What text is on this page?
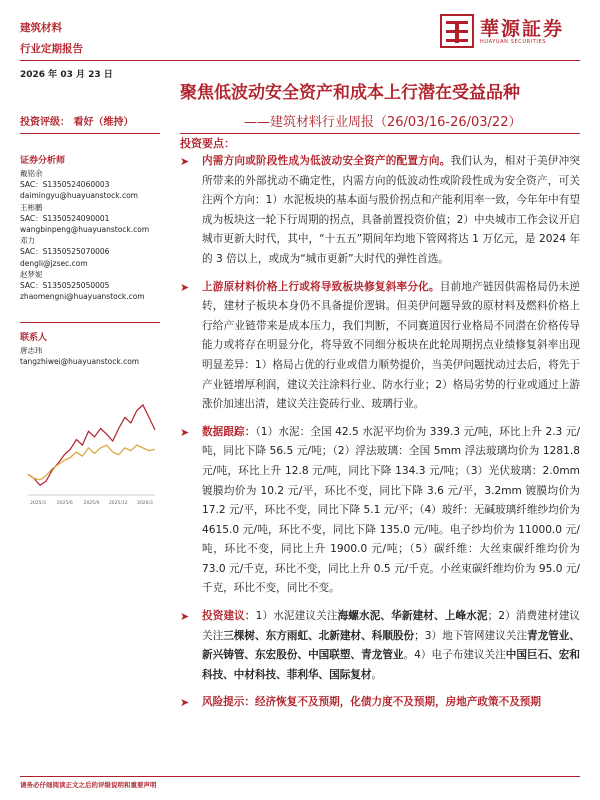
建筑材料
行业定期报告
華源証券
HUAYUAN SECURITIES
2026 年 03 月 23 日
聚焦低波动安全资产和成本上行潜在受益品种
——建筑材料行业周报（26/03/16-26/03/22）
投资评级： 看好（维持）
投资要点：
证券分析师
戴铭余
SAC：S1350524060003
daimingyu@huayuanstock.com
王彬鹏
SAC：S1350524090001
wangbinpeng@huayuanstock.com
邓力
SAC：S1350525070006
dengli@jzsec.com
赵梦妮
SAC：S1350525050005
zhaomengni@huayuanstock.com
联系人
唐志玮
tangzhiwei@huayuanstock.com
2025/3 2025/6 2025/9 2025/12 2026/3
➤ 内需方向或阶段性成为低波动安全资产的配置方向。我们认为，相对于美伊冲突所带来的外部扰动不确定性，内需方向的低波动性或阶段性成为安全资产，可关注两个方向：1）水泥板块的基本面与股价拐点和产能利用率一致，今年年中有望成为板块这一轮下行周期的拐点，具备前置投资价值；2）中央城市工作会议开启城市更新大时代，其中，“十五五”期间年均地下管网将达 1 万亿元，是 2024 年的 3 倍以上，或成为“城市更新”大时代的弹性首选。
➤ 上游原材料价格上行或将导致板块修复斜率分化。目前地产链因供需格局仍未逆转，建材子板块本身仍不具备提价逻辑。但美伊问题导致的原材料及燃料价格上行给产业链带来是成本压力，我们判断，不同赛道因行业格局不同潜在价格传导能力或将存在明显分化，将导致不同细分板块在此轮周期拐点业绩修复斜率出现明显差异：1）格局占优的行业或借力顺势提价，当美伊问题扰动过去后，将先于产业链增厚利润，建议关注涂料行业、防水行业；2）格局劣势的行业或通过上游涨价加速出清，建议关注瓷砖行业、玻璃行业。
➤ 数据跟踪：（1）水泥：全国 42.5 水泥平均价为 339.3 元/吨，环比上升 2.3 元/吨，同比下降 56.5 元/吨；（2）浮法玻璃：全国 5mm 浮法玻璃均价为 1281.8 元/吨，环比上升 12.8 元/吨，同比下降 134.3 元/吨；（3）光伏玻璃：2.0mm 镀膜均价为 10.2 元/平，环比不变，同比下降 3.6 元/平，3.2mm 镀膜均价为 17.2 元/平，环比不变，同比下降 5.1 元/平；（4）玻纤：无碱玻璃纤维纱均价为 4615.0 元/吨，环比不变，同比下降 135.0 元/吨。电子纱均价为 11000.0 元/吨，环比不变，同比上升 1900.0 元/吨；（5）碳纤维：大丝束碳纤维均价为 73.0 元/千克，环比不变，同比上升 0.5 元/千克。小丝束碳纤维均价为 95.0 元/千克，环比不变，同比不变。
➤ 投资建议：1）水泥建议关注海螺水泥、华新建材、上峰水泥；2）消费建材建议关注三棵树、东方雨虹、北新建材、科顺股份；3）地下管网建议关注青龙管业、新兴铸管、东宏股份、中国联塑、青龙管业。4）电子布建议关注中国巨石、宏和科技、中材科技、菲利华、国际复材。
➤ 风险提示：经济恢复不及预期，化债力度不及预期，房地产政策不及预期
请务必仔细阅读正文之后的评级说明和重要声明
